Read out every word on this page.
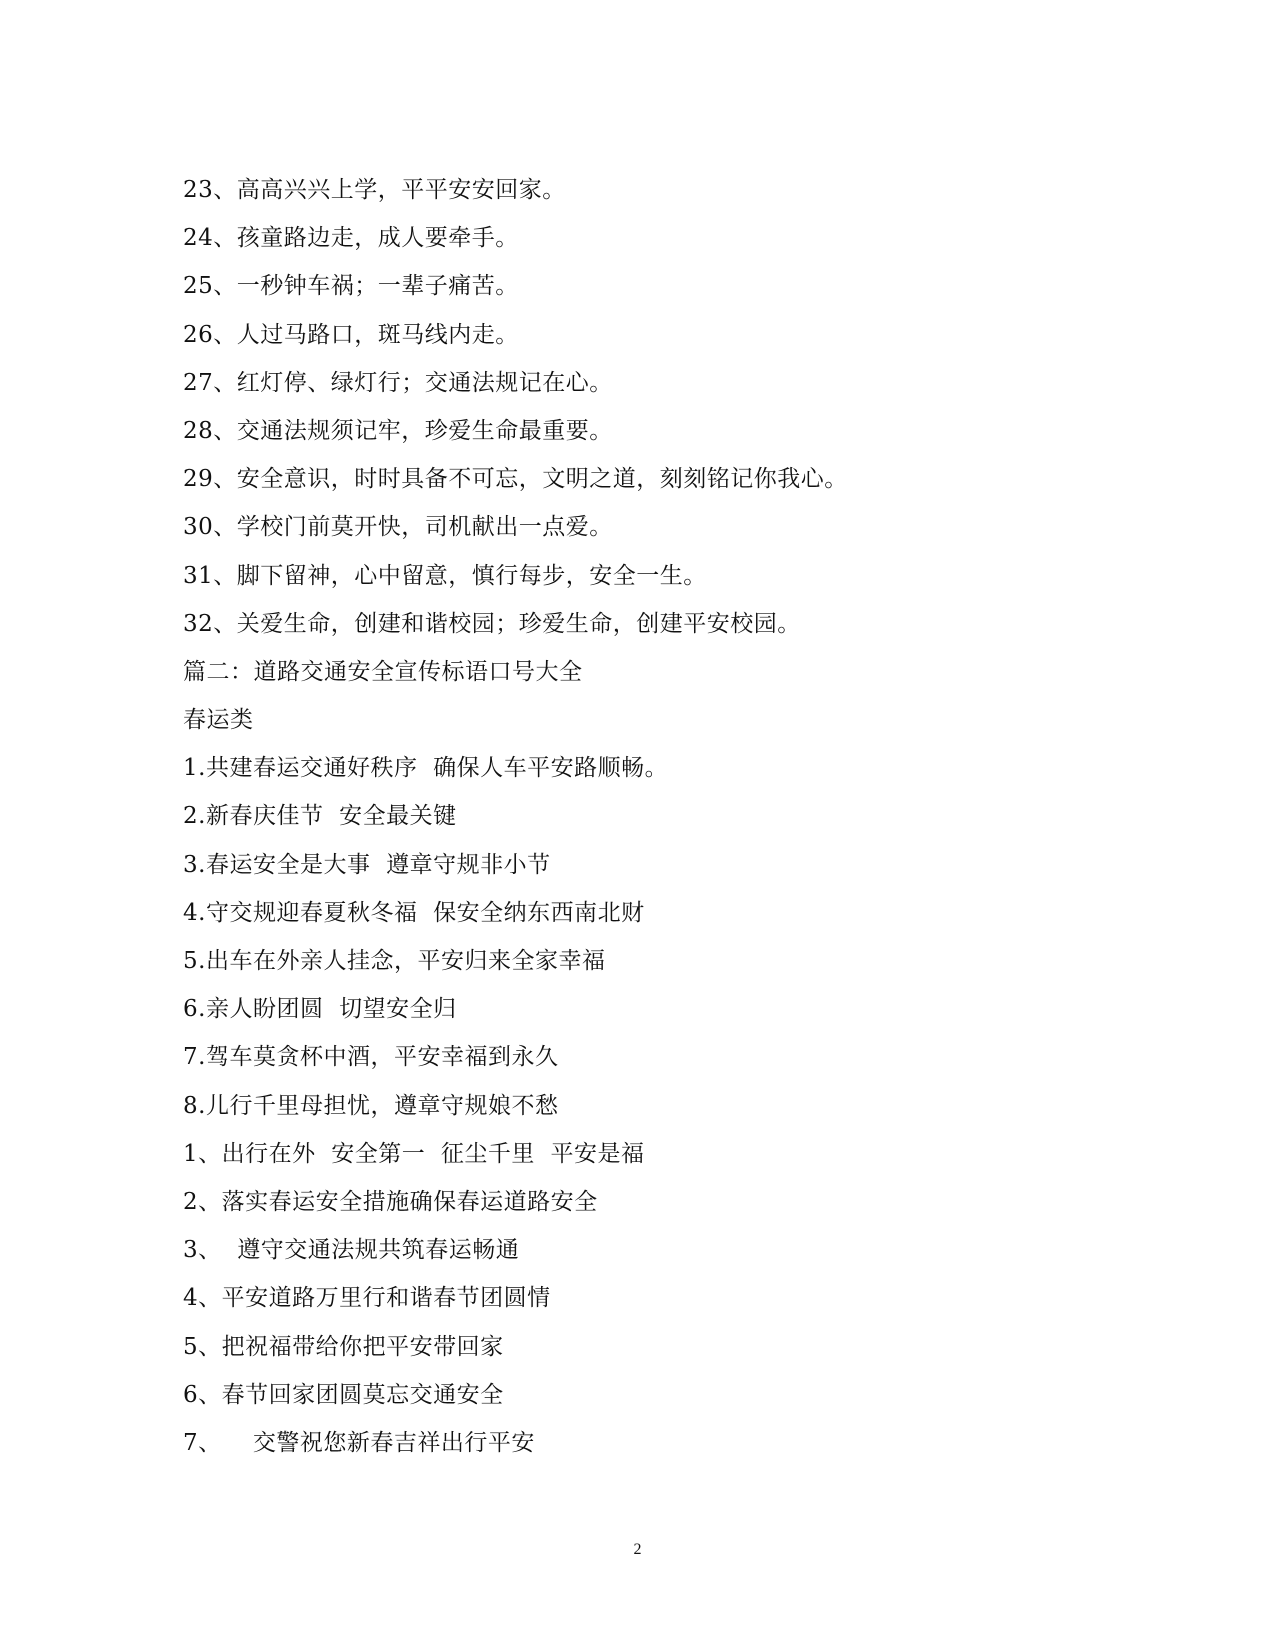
23、高高兴兴上学，平平安安回家。
24、孩童路边走，成人要牵手。
25、一秒钟车祸；一辈子痛苦。
26、人过马路口，斑马线内走。
27、红灯停、绿灯行；交通法规记在心。
28、交通法规须记牢，珍爱生命最重要。
29、安全意识，时时具备不可忘，文明之道，刻刻铭记你我心。
30、学校门前莫开快，司机献出一点爱。
31、脚下留神，心中留意，慎行每步，安全一生。
32、关爱生命，创建和谐校园；珍爱生命，创建平安校园。
篇二：道路交通安全宣传标语口号大全
春运类
1.共建春运交通好秩序  确保人车平安路顺畅。
2.新春庆佳节  安全最关键
3.春运安全是大事  遵章守规非小节
4.守交规迎春夏秋冬福  保安全纳东西南北财
5.出车在外亲人挂念，平安归来全家幸福
6.亲人盼团圆  切望安全归
7.驾车莫贪杯中酒，平安幸福到永久
8.儿行千里母担忧，遵章守规娘不愁
1、出行在外  安全第一  征尘千里  平安是福
2、落实春运安全措施确保春运道路安全
3、  遵守交通法规共筑春运畅通
4、平安道路万里行和谐春节团圆情
5、把祝福带给你把平安带回家
6、春节回家团圆莫忘交通安全
7、    交警祝您新春吉祥出行平安
2
